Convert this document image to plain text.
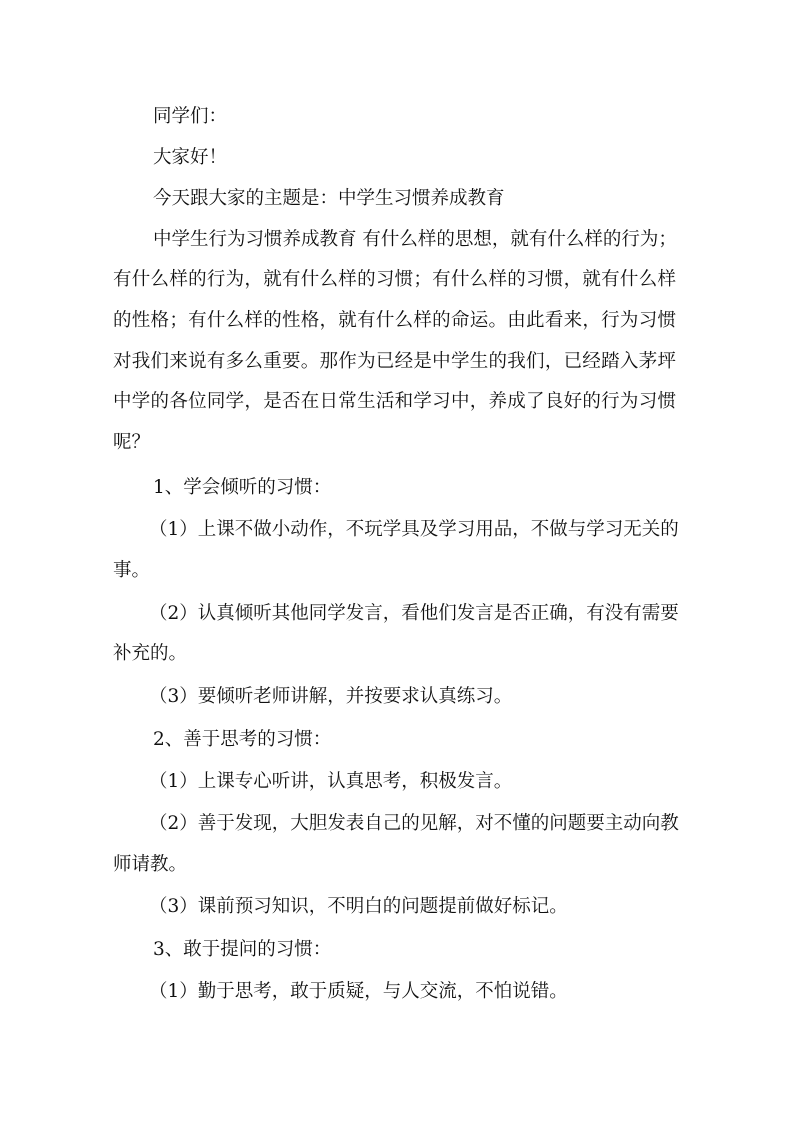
同学们：
大家好！
今天跟大家的主题是：中学生习惯养成教育
中学生行为习惯养成教育 有什么样的思想，就有什么样的行为；
有什么样的行为，就有什么样的习惯；有什么样的习惯，就有什么样
的性格；有什么样的性格，就有什么样的命运。由此看来，行为习惯
对我们来说有多么重要。那作为已经是中学生的我们，已经踏入茅坪
中学的各位同学，是否在日常生活和学习中，养成了良好的行为习惯
呢？
1、学会倾听的习惯：
（1）上课不做小动作，不玩学具及学习用品，不做与学习无关的
事。
（2）认真倾听其他同学发言，看他们发言是否正确，有没有需要
补充的。
（3）要倾听老师讲解，并按要求认真练习。
2、善于思考的习惯：
（1）上课专心听讲，认真思考，积极发言。
（2）善于发现，大胆发表自己的见解，对不懂的问题要主动向教
师请教。
（3）课前预习知识，不明白的问题提前做好标记。
3、敢于提问的习惯：
（1）勤于思考，敢于质疑，与人交流，不怕说错。
